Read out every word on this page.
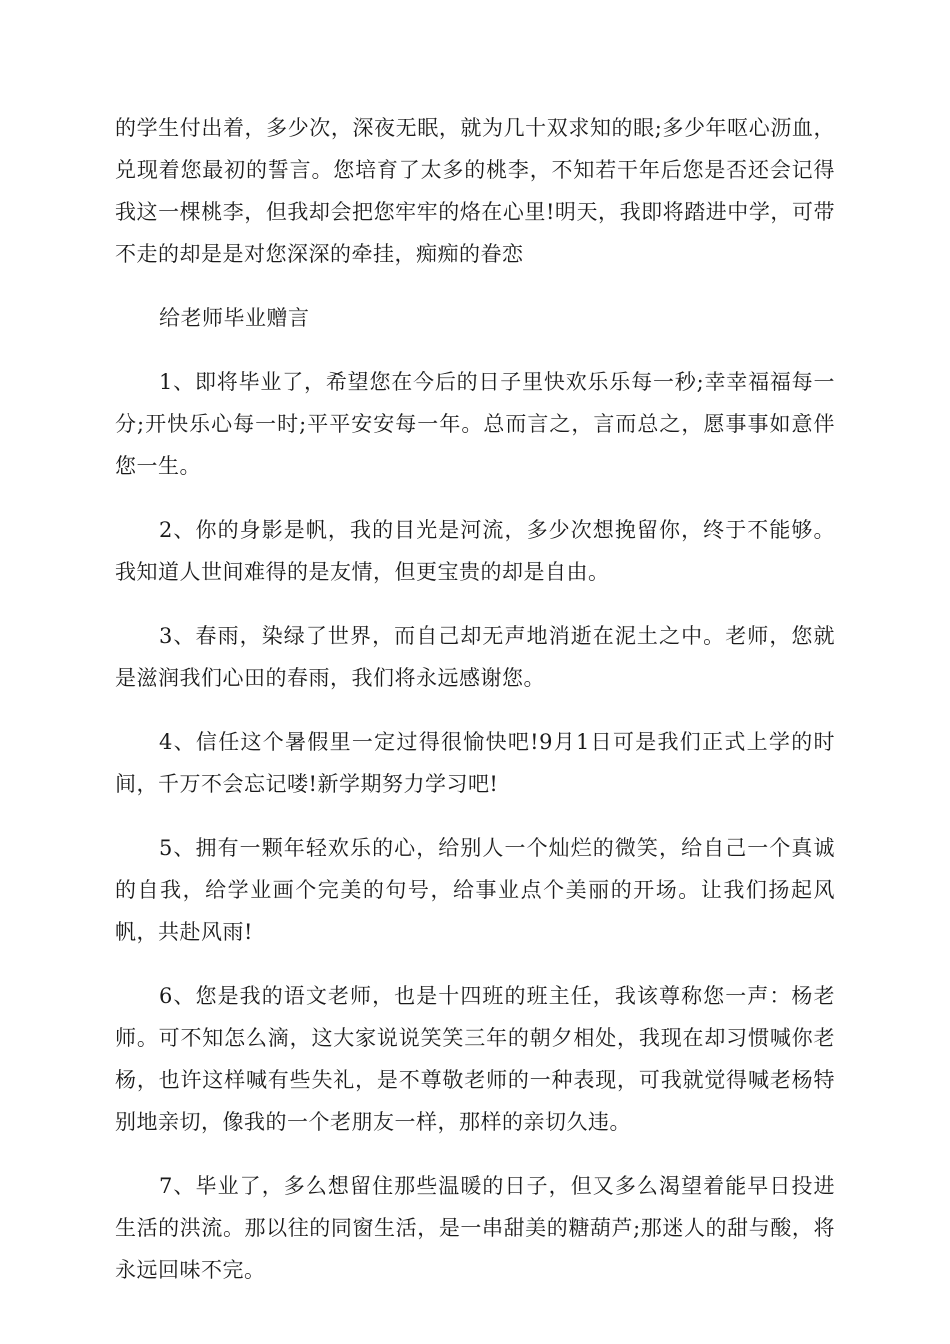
的学生付出着，多少次，深夜无眠，就为几十双求知的眼;多少年呕心沥血，兑现着您最初的誓言。您培育了太多的桃李，不知若干年后您是否还会记得我这一棵桃李，但我却会把您牢牢的烙在心里!明天，我即将踏进中学，可带不走的却是是对您深深的牵挂，痴痴的眷恋

给老师毕业赠言

1、即将毕业了，希望您在今后的日子里快欢乐乐每一秒;幸幸福福每一分;开快乐心每一时;平平安安每一年。总而言之，言而总之，愿事事如意伴您一生。

2、你的身影是帆，我的目光是河流，多少次想挽留你，终于不能够。我知道人世间难得的是友情，但更宝贵的却是自由。

3、春雨，染绿了世界，而自己却无声地消逝在泥土之中。老师，您就是滋润我们心田的春雨，我们将永远感谢您。

4、信任这个暑假里一定过得很愉快吧!9月1日可是我们正式上学的时间，千万不会忘记喽!新学期努力学习吧!

5、拥有一颗年轻欢乐的心，给别人一个灿烂的微笑，给自己一个真诚的自我，给学业画个完美的句号，给事业点个美丽的开场。让我们扬起风帆，共赴风雨!

6、您是我的语文老师，也是十四班的班主任，我该尊称您一声：杨老师。可不知怎么滴，这大家说说笑笑三年的朝夕相处，我现在却习惯喊你老杨，也许这样喊有些失礼，是不尊敬老师的一种表现，可我就觉得喊老杨特别地亲切，像我的一个老朋友一样，那样的亲切久违。

7、毕业了，多么想留住那些温暖的日子，但又多么渴望着能早日投进生活的洪流。那以往的同窗生活，是一串甜美的糖葫芦;那迷人的甜与酸，将永远回味不完。
